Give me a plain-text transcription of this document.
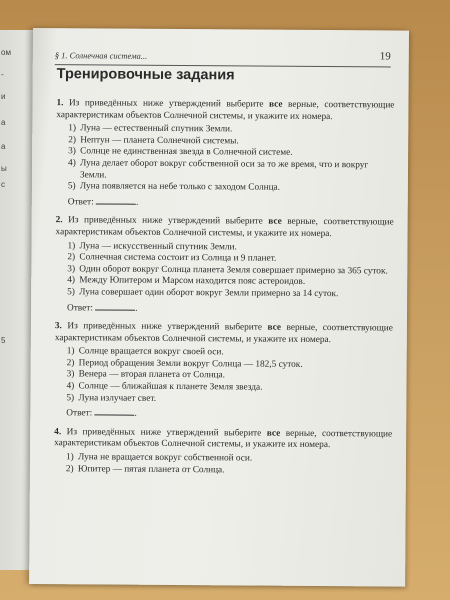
ом
-
и
а
а
ы
с
5
§ 1. Солнечная система...	19
Тренировочные задания
1. Из приведённых ниже утверждений выберите все верные, соответствующие характеристикам объектов Солнечной системы, и укажите их номера.
1) Луна — естественный спутник Земли.
2) Нептун — планета Солнечной системы.
3) Солнце не единственная звезда в Солнечной системе.
4) Луна делает оборот вокруг собственной оси за то же время, что и вокруг Земли.
5) Луна появляется на небе только с заходом Солнца.
Ответ:	.
2. Из приведённых ниже утверждений выберите все верные, соответствующие характеристикам объектов Солнечной системы, и укажите их номера.
1) Луна — искусственный спутник Земли.
2) Солнечная система состоит из Солнца и 9 планет.
3) Один оборот вокруг Солнца планета Земля совершает примерно за 365 суток.
4) Между Юпитером и Марсом находится пояс астероидов.
5) Луна совершает один оборот вокруг Земли примерно за 14 суток.
Ответ:	.
3. Из приведённых ниже утверждений выберите все верные, соответствующие характеристикам объектов Солнечной системы, и укажите их номера.
1) Солнце вращается вокруг своей оси.
2) Период обращения Земли вокруг Солнца — 182,5 суток.
3) Венера — вторая планета от Солнца.
4) Солнце — ближайшая к планете Земля звезда.
5) Луна излучает свет.
Ответ:	.
4. Из приведённых ниже утверждений выберите все верные, соответствующие характеристикам объектов Солнечной системы, и укажите их номера.
1) Луна не вращается вокруг собственной оси.
2) Юпитер — пятая планета от Солнца.
